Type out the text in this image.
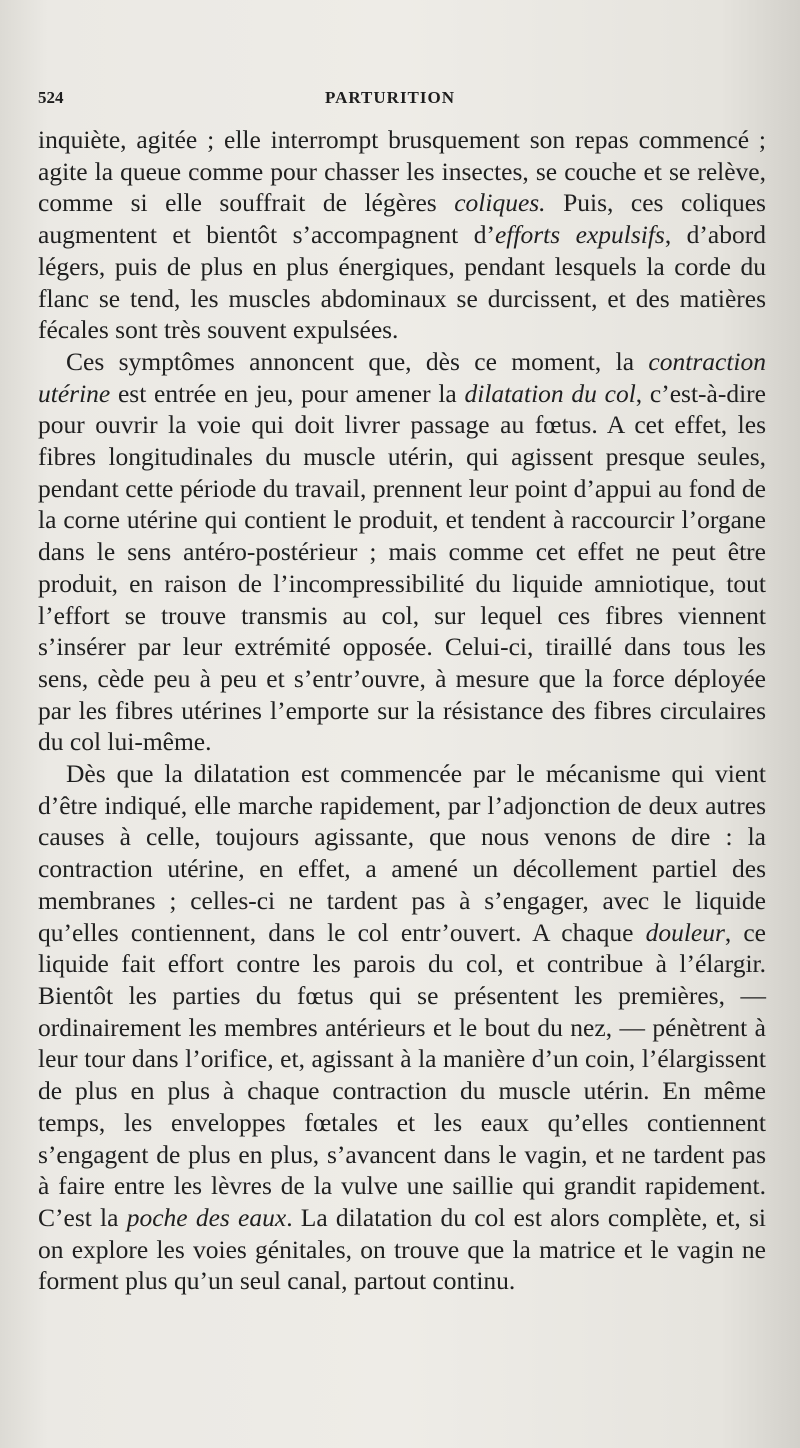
524	PARTURITION

inquiète, agitée ; elle interrompt brusquement son repas commencé ; agite la queue comme pour chasser les insectes, se couche et se relève, comme si elle souffrait de légères coliques. Puis, ces coliques augmentent et bientôt s’accompagnent d’efforts expulsifs, d’abord légers, puis de plus en plus énergiques, pendant lesquels la corde du flanc se tend, les muscles abdominaux se durcissent, et des matières fécales sont très souvent expulsées.

Ces symptômes annoncent que, dès ce moment, la contraction utérine est entrée en jeu, pour amener la dilatation du col, c’est-à-dire pour ouvrir la voie qui doit livrer passage au fœtus. A cet effet, les fibres longitudinales du muscle utérin, qui agissent presque seules, pendant cette période du travail, prennent leur point d’appui au fond de la corne utérine qui contient le produit, et tendent à raccourcir l’organe dans le sens antéro-postérieur ; mais comme cet effet ne peut être produit, en raison de l’incompressibilité du liquide amniotique, tout l’effort se trouve transmis au col, sur lequel ces fibres viennent s’insérer par leur extrémité opposée. Celui-ci, tiraillé dans tous les sens, cède peu à peu et s’entr’ouvre, à mesure que la force déployée par les fibres utérines l’emporte sur la résistance des fibres circulaires du col lui-même.

Dès que la dilatation est commencée par le mécanisme qui vient d’être indiqué, elle marche rapidement, par l’adjonction de deux autres causes à celle, toujours agissante, que nous venons de dire : la contraction utérine, en effet, a amené un décollement partiel des membranes ; celles-ci ne tardent pas à s’engager, avec le liquide qu’elles contiennent, dans le col entr’ouvert. A chaque douleur, ce liquide fait effort contre les parois du col, et contribue à l’élargir. Bientôt les parties du fœtus qui se présentent les premières, — ordinairement les membres antérieurs et le bout du nez, — pénètrent à leur tour dans l’orifice, et, agissant à la manière d’un coin, l’élargissent de plus en plus à chaque contraction du muscle utérin. En même temps, les enveloppes fœtales et les eaux qu’elles contiennent s’engagent de plus en plus, s’avancent dans le vagin, et ne tardent pas à faire entre les lèvres de la vulve une saillie qui grandit rapidement. C’est la poche des eaux. La dilatation du col est alors complète, et, si on explore les voies génitales, on trouve que la matrice et le vagin ne forment plus qu’un seul canal, partout continu.
